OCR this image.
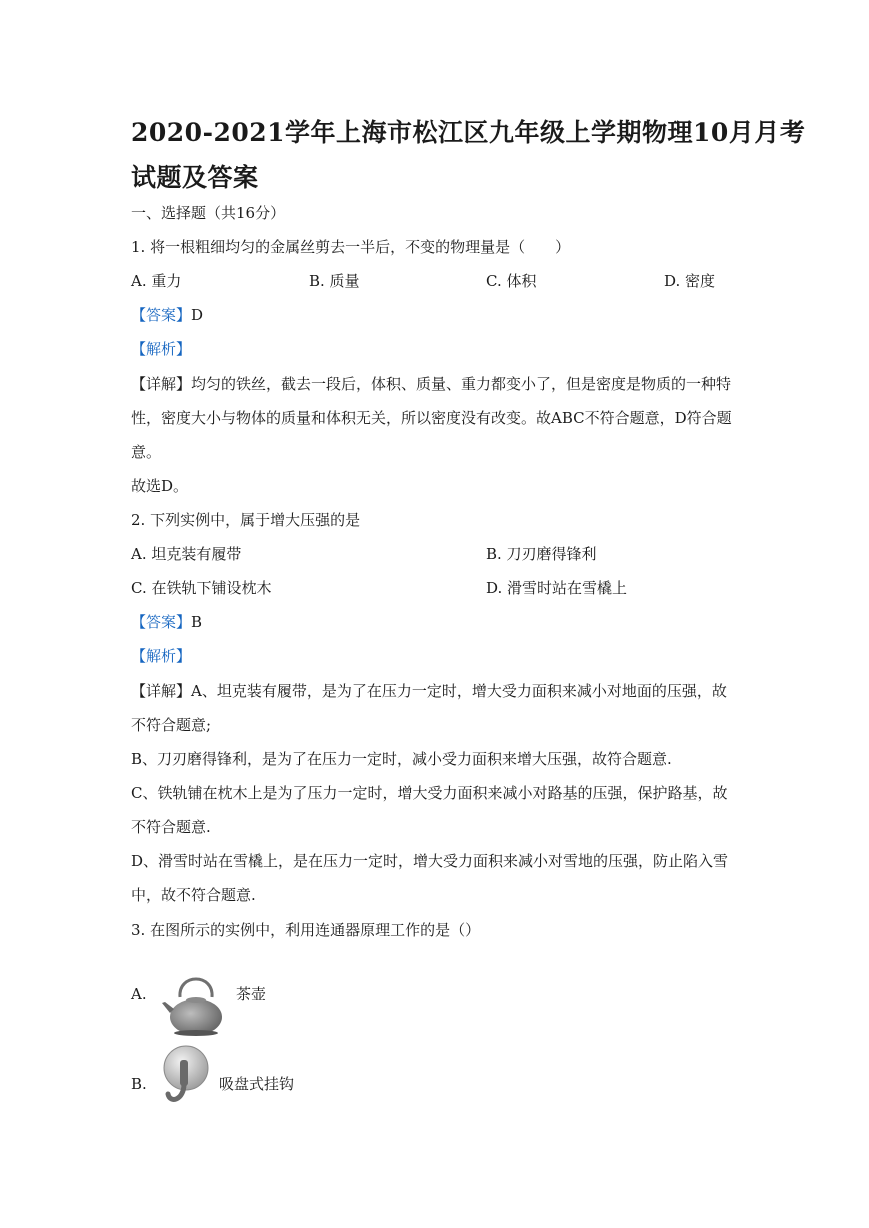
2020-2021学年上海市松江区九年级上学期物理10月月考
试题及答案
一、选择题（共16分）
1. 将一根粗细均匀的金属丝剪去一半后，不变的物理量是（　　）
A. 重力	B. 质量	C. 体积	D. 密度
【答案】D
【解析】
【详解】均匀的铁丝，截去一段后，体积、质量、重力都变小了，但是密度是物质的一种特
性，密度大小与物体的质量和体积无关，所以密度没有改变。故ABC不符合题意，D符合题
意。
故选D。
2. 下列实例中，属于增大压强的是
A. 坦克装有履带	B. 刀刃磨得锋利
C. 在铁轨下铺设枕木	D. 滑雪时站在雪橇上
【答案】B
【解析】
【详解】A、坦克装有履带，是为了在压力一定时，增大受力面积来减小对地面的压强，故
不符合题意;
B、刀刃磨得锋利，是为了在压力一定时，减小受力面积来增大压强，故符合题意.
C、铁轨铺在枕木上是为了压力一定时，增大受力面积来减小对路基的压强，保护路基，故
不符合题意.
D、滑雪时站在雪橇上，是在压力一定时，增大受力面积来减小对雪地的压强，防止陷入雪
中，故不符合题意.
3. 在图所示的实例中，利用连通器原理工作的是（）
A.	茶壶
B.	吸盘式挂钩
